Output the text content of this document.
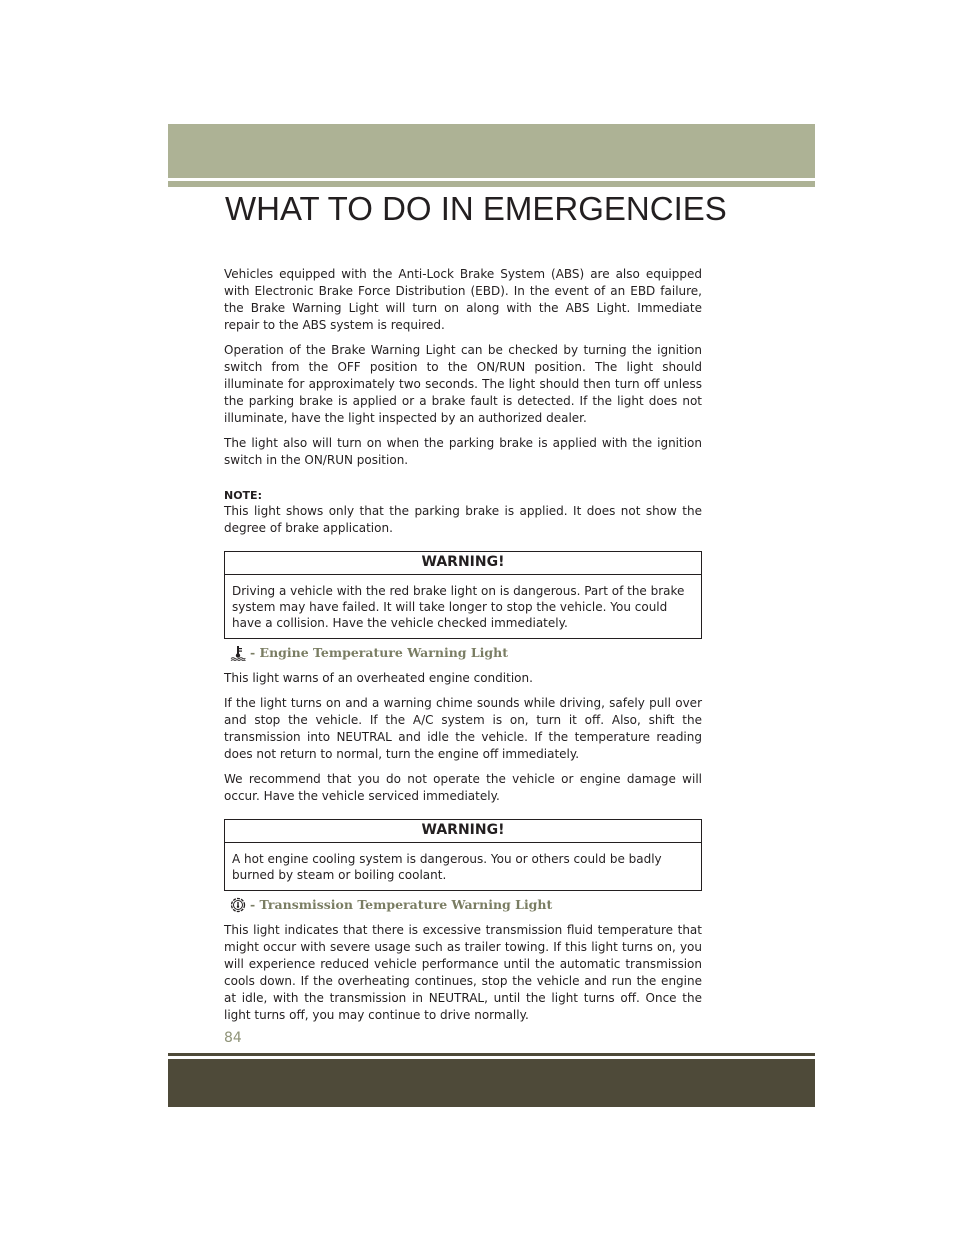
WHAT TO DO IN EMERGENCIES

Vehicles equipped with the Anti-Lock Brake System (ABS) are also equipped with Electronic Brake Force Distribution (EBD). In the event of an EBD failure, the Brake Warning Light will turn on along with the ABS Light. Immediate repair to the ABS system is required.

Operation of the Brake Warning Light can be checked by turning the ignition switch from the OFF position to the ON/RUN position. The light should illuminate for approximately two seconds. The light should then turn off unless the parking brake is applied or a brake fault is detected. If the light does not illuminate, have the light inspected by an authorized dealer.

The light also will turn on when the parking brake is applied with the ignition switch in the ON/RUN position.

NOTE:

This light shows only that the parking brake is applied. It does not show the degree of brake application.

WARNING!
Driving a vehicle with the red brake light on is dangerous. Part of the brake system may have failed. It will take longer to stop the vehicle. You could have a collision. Have the vehicle checked immediately.
- Engine Temperature Warning Light

This light warns of an overheated engine condition.

If the light turns on and a warning chime sounds while driving, safely pull over and stop the vehicle. If the A/C system is on, turn it off. Also, shift the transmission into NEUTRAL and idle the vehicle. If the temperature reading does not return to normal, turn the engine off immediately.

We recommend that you do not operate the vehicle or engine damage will occur. Have the vehicle serviced immediately.

WARNING!
A hot engine cooling system is dangerous. You or others could be badly burned by steam or boiling coolant.
- Transmission Temperature Warning Light

This light indicates that there is excessive transmission fluid temperature that might occur with severe usage such as trailer towing. If this light turns on, you will experience reduced vehicle performance until the automatic transmission cools down. If the overheating continues, stop the vehicle and run the engine at idle, with the transmission in NEUTRAL, until the light turns off. Once the light turns off, you may continue to drive normally.

84
